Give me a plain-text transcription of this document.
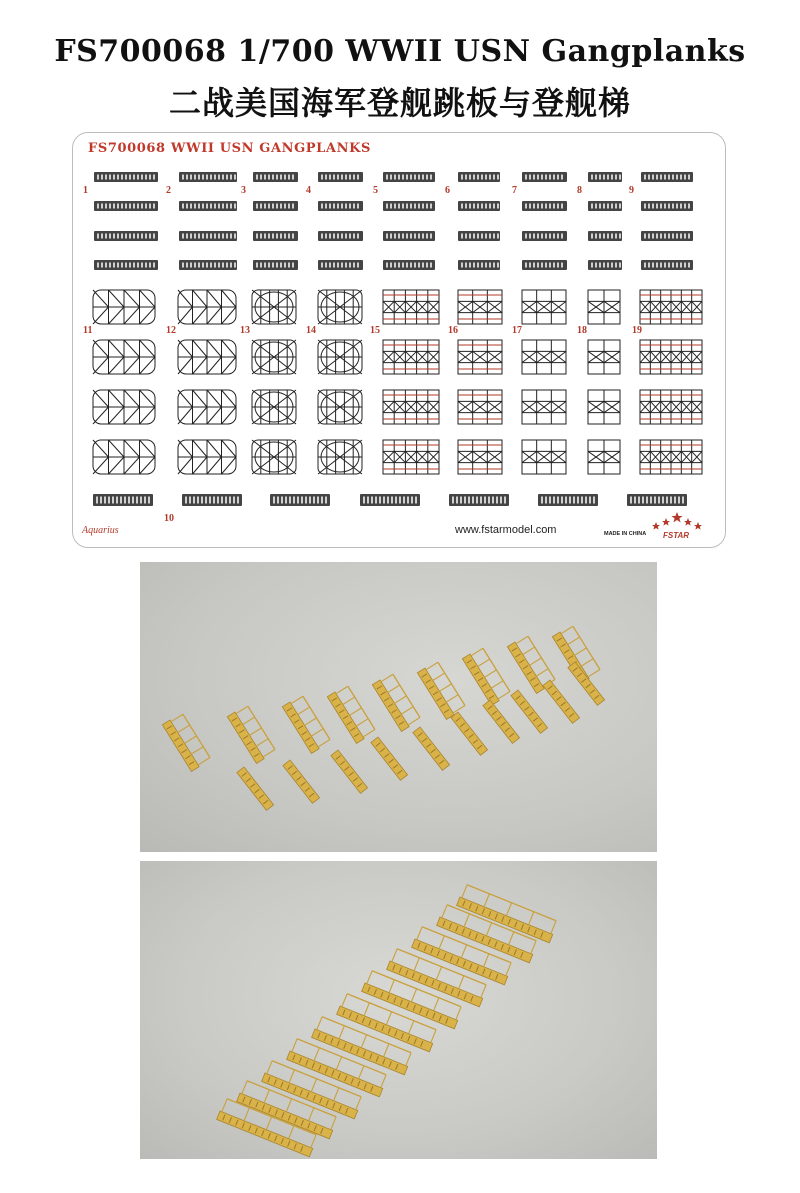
FS700068 1/700 WWII USN Gangplanks
二战美国海军登舰跳板与登舰梯
FS700068 WWII USN GANGPLANKS
1	2	3	4	5	6	7	8	9
10
11	12	13	14	15	16	17	18	19
Aquarius	www.fstarmodel.com	MADE IN CHINA FSTAR
